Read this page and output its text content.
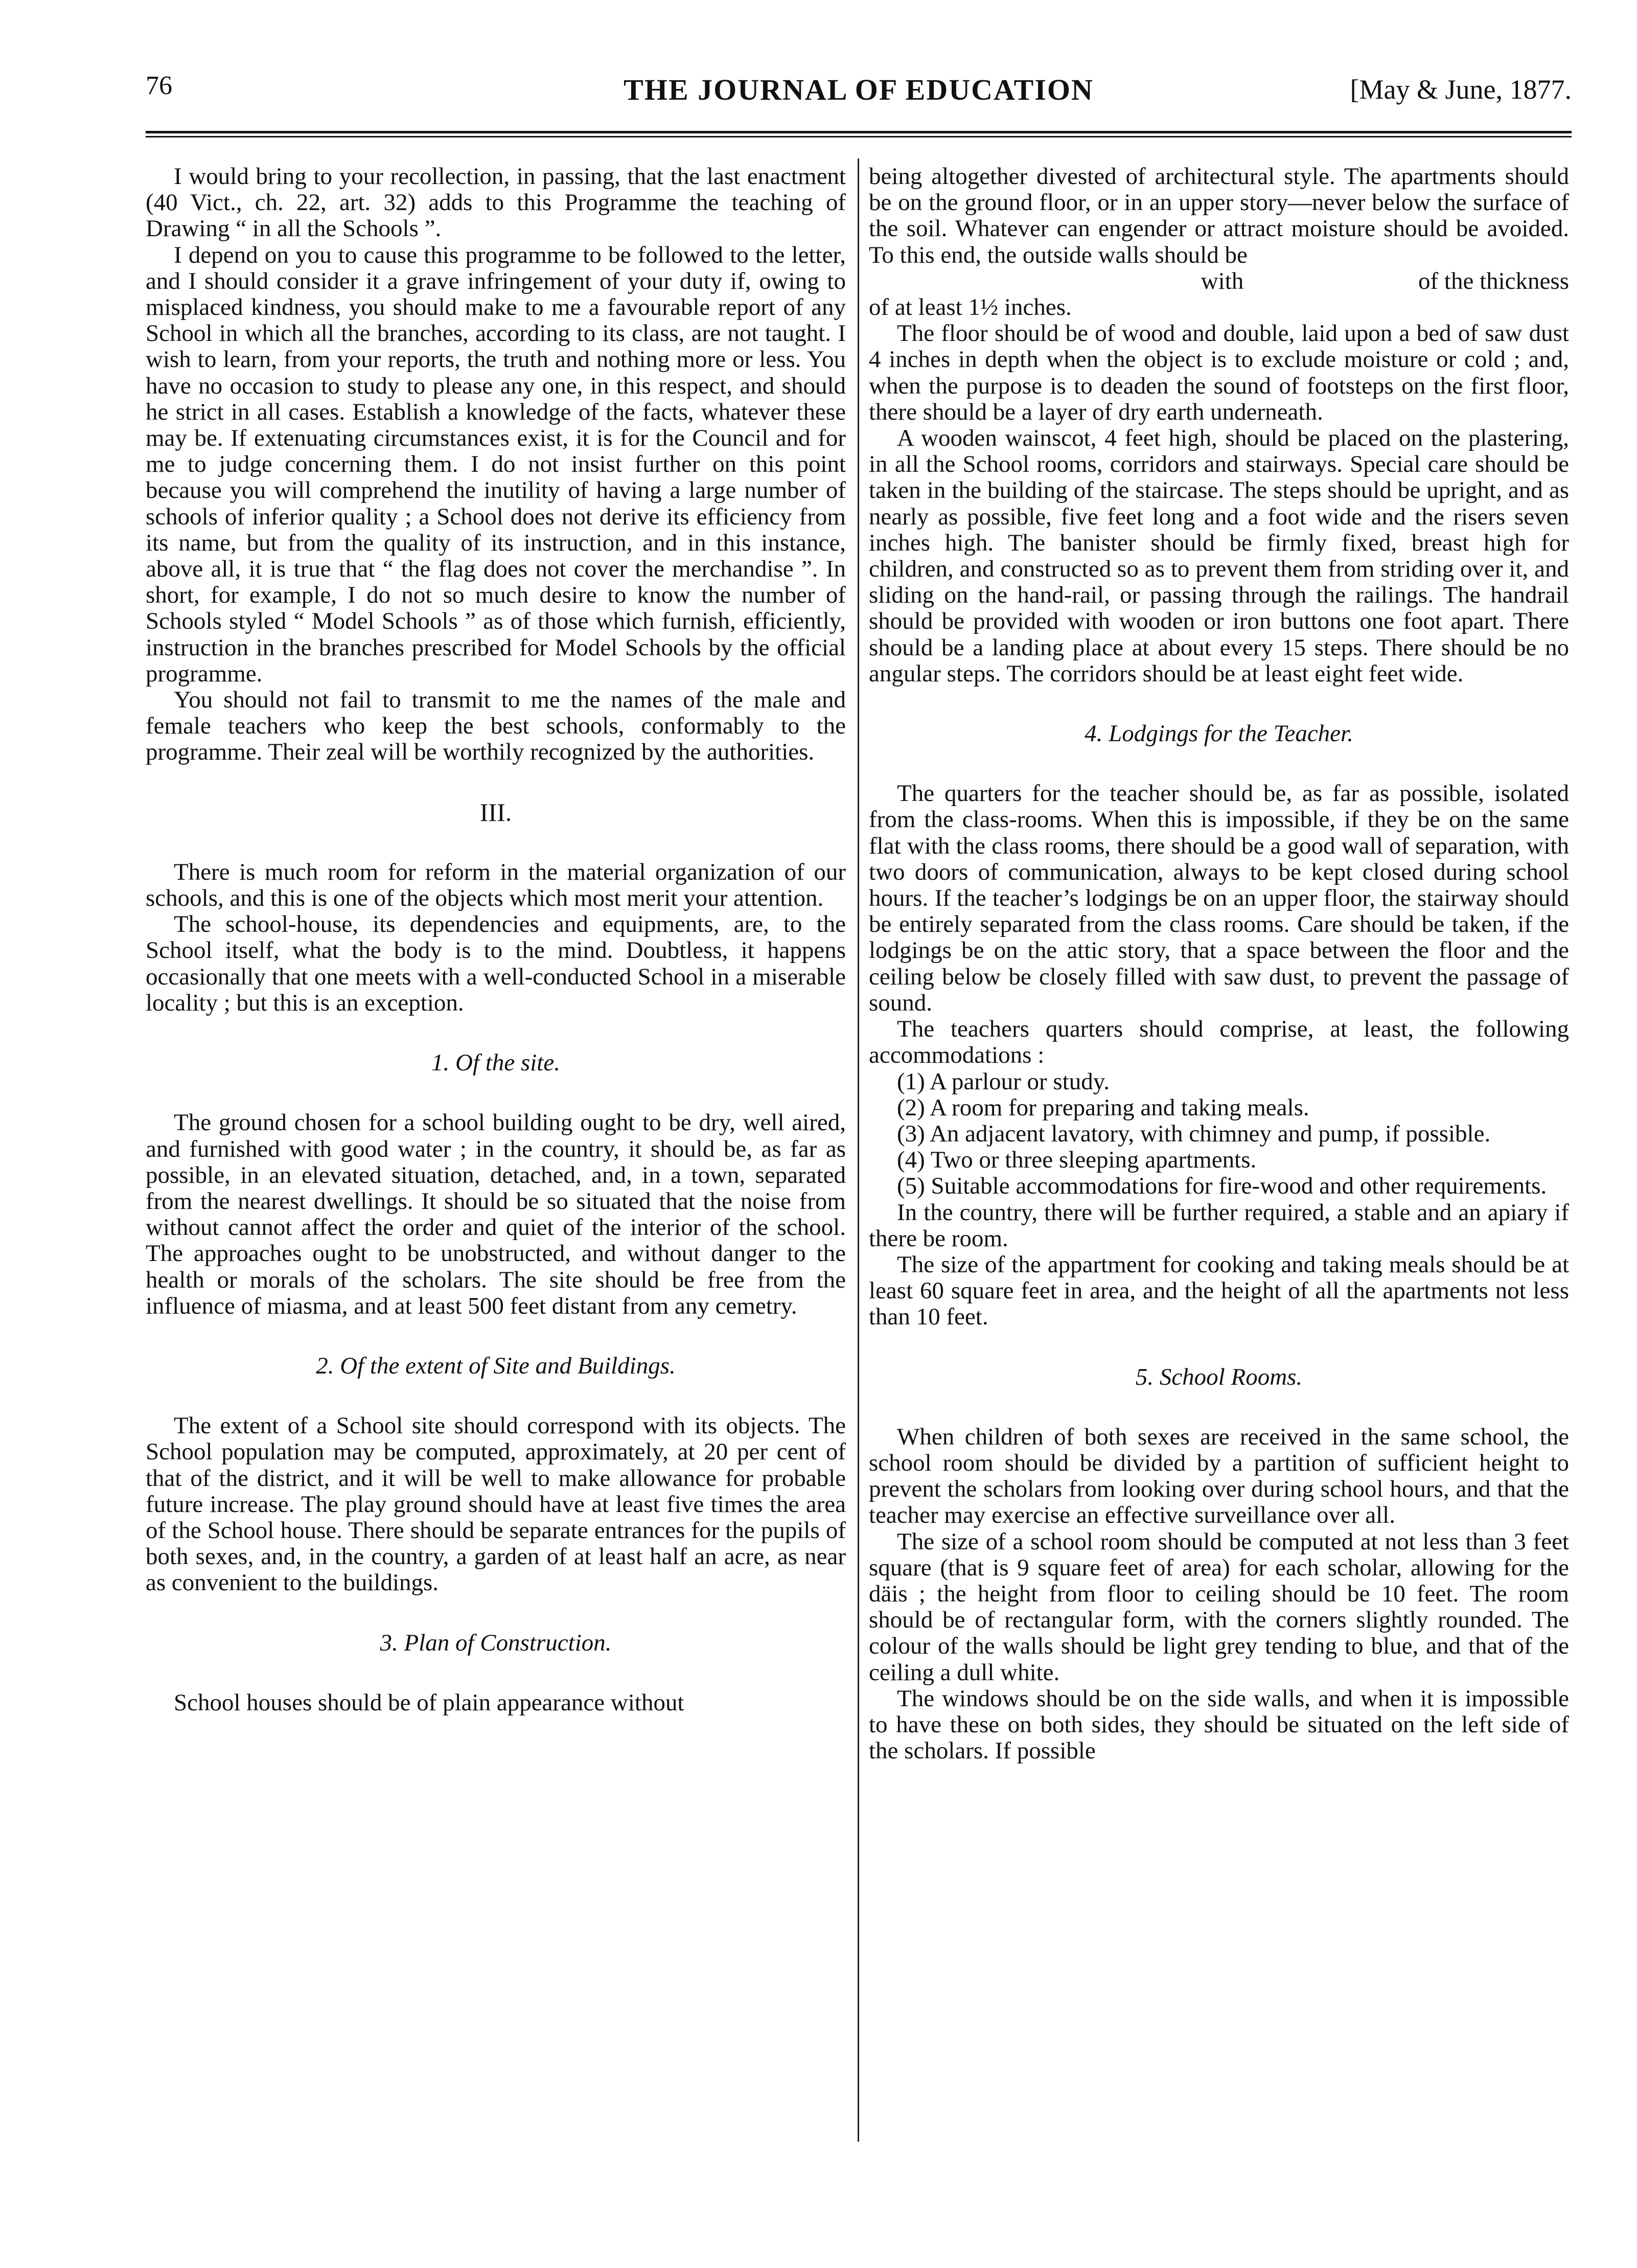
76	THE JOURNAL OF EDUCATION	[May & June, 1877.

I would bring to your recollection, in passing, that the last enactment (40 Vict., ch. 22, art. 32) adds to this Programme the teaching of Drawing “ in all the Schools ”.

I depend on you to cause this programme to be followed to the letter, and I should consider it a grave infringement of your duty if, owing to misplaced kindness, you should make to me a favourable report of any School in which all the branches, according to its class, are not taught. I wish to learn, from your reports, the truth and nothing more or less. You have no occasion to study to please any one, in this respect, and should he strict in all cases. Establish a knowledge of the facts, whatever these may be. If extenuating circumstances exist, it is for the Council and for me to judge concerning them. I do not insist further on this point because you will comprehend the inutility of having a large number of schools of inferior quality ; a School does not derive its efficiency from its name, but from the quality of its instruction, and in this instance, above all, it is true that “ the flag does not cover the merchandise ”. In short, for example, I do not so much desire to know the number of Schools styled “ Model Schools ” as of those which furnish, efficiently, instruction in the branches prescribed for Model Schools by the official programme.

You should not fail to transmit to me the names of the male and female teachers who keep the best schools, conformably to the programme. Their zeal will be worthily recognized by the authorities.

III.

There is much room for reform in the material organization of our schools, and this is one of the objects which most merit your attention.

The school-house, its dependencies and equipments, are, to the School itself, what the body is to the mind. Doubtless, it happens occasionally that one meets with a well-conducted School in a miserable locality ; but this is an exception.

1. Of the site.

The ground chosen for a school building ought to be dry, well aired, and furnished with good water ; in the country, it should be, as far as possible, in an elevated situation, detached, and, in a town, separated from the nearest dwellings. It should be so situated that the noise from without cannot affect the order and quiet of the interior of the school. The approaches ought to be unobstructed, and without danger to the health or morals of the scholars. The site should be free from the influence of miasma, and at least 500 feet distant from any cemetry.

2. Of the extent of Site and Buildings.

The extent of a School site should correspond with its objects. The School population may be computed, approximately, at 20 per cent of that of the district, and it will be well to make allowance for probable future increase. The play ground should have at least five times the area of the School house. There should be separate entrances for the pupils of both sexes, and, in the country, a garden of at least half an acre, as near as convenient to the buildings.

3. Plan of Construction.

School houses should be of plain appearance without

being altogether divested of architectural style. The apartments should be on the ground floor, or in an upper story—never below the surface of the soil. Whatever can engender or attract moisture should be avoided. To this end, the outside walls should be

with	of the thickness

of at least 1½ inches.

The floor should be of wood and double, laid upon a bed of saw dust 4 inches in depth when the object is to exclude moisture or cold ; and, when the purpose is to deaden the sound of footsteps on the first floor, there should be a layer of dry earth underneath.

A wooden wainscot, 4 feet high, should be placed on the plastering, in all the School rooms, corridors and stairways. Special care should be taken in the building of the staircase. The steps should be upright, and as nearly as possible, five feet long and a foot wide and the risers seven inches high. The banister should be firmly fixed, breast high for children, and constructed so as to prevent them from striding over it, and sliding on the hand-rail, or passing through the railings. The handrail should be provided with wooden or iron buttons one foot apart. There should be a landing place at about every 15 steps. There should be no angular steps. The corridors should be at least eight feet wide.

4. Lodgings for the Teacher.

The quarters for the teacher should be, as far as possible, isolated from the class-rooms. When this is impossible, if they be on the same flat with the class rooms, there should be a good wall of separation, with two doors of communication, always to be kept closed during school hours. If the teacher’s lodgings be on an upper floor, the stairway should be entirely separated from the class rooms. Care should be taken, if the lodgings be on the attic story, that a space between the floor and the ceiling below be closely filled with saw dust, to prevent the passage of sound.

The teachers quarters should comprise, at least, the following accommodations :

(1) A parlour or study.

(2) A room for preparing and taking meals.

(3) An adjacent lavatory, with chimney and pump, if possible.

(4) Two or three sleeping apartments.

(5) Suitable accommodations for fire-wood and other requirements.

In the country, there will be further required, a stable and an apiary if there be room.

The size of the appartment for cooking and taking meals should be at least 60 square feet in area, and the height of all the apartments not less than 10 feet.

5. School Rooms.

When children of both sexes are received in the same school, the school room should be divided by a partition of sufficient height to prevent the scholars from looking over during school hours, and that the teacher may exercise an effective surveillance over all.

The size of a school room should be computed at not less than 3 feet square (that is 9 square feet of area) for each scholar, allowing for the däis ; the height from floor to ceiling should be 10 feet. The room should be of rectangular form, with the corners slightly rounded. The colour of the walls should be light grey tending to blue, and that of the ceiling a dull white.

The windows should be on the side walls, and when it is impossible to have these on both sides, they should be situated on the left side of the scholars. If possible
